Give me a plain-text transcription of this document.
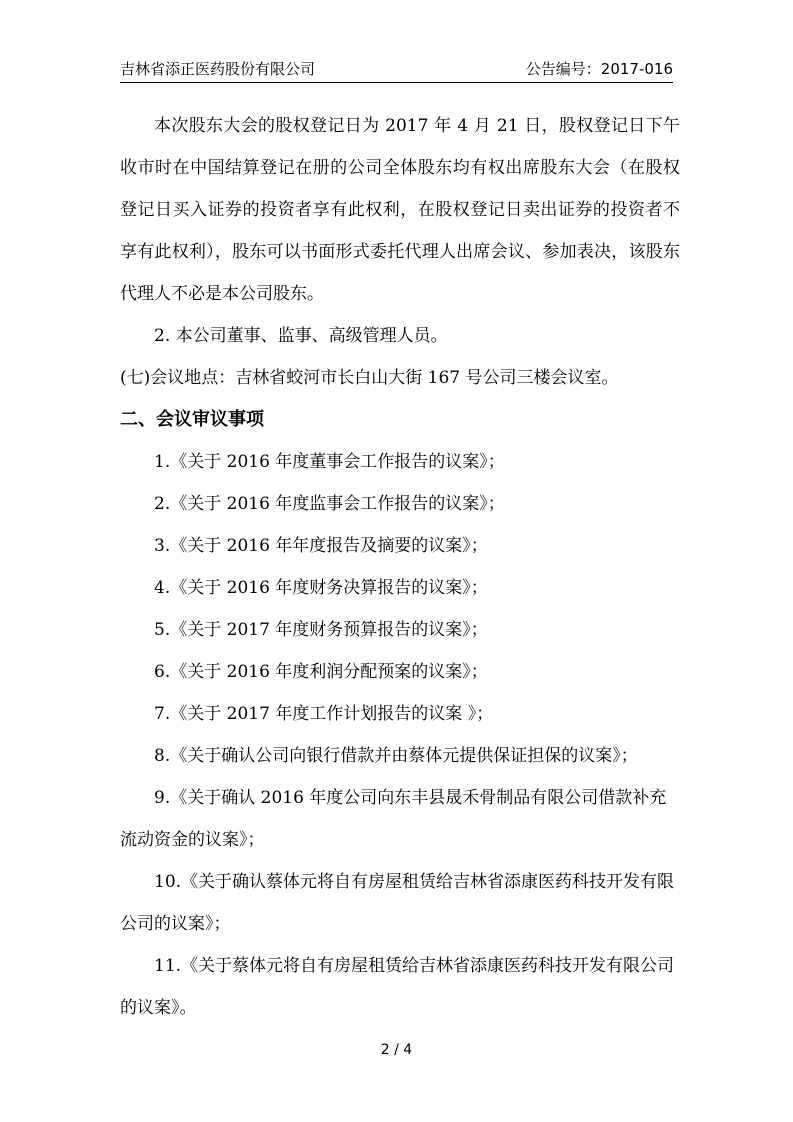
吉林省添正医药股份有限公司	公告编号：2017-016

本次股东大会的股权登记日为 2017 年 4 月 21 日，股权登记日下午收市时在中国结算登记在册的公司全体股东均有权出席股东大会（在股权登记日买入证券的投资者享有此权利，在股权登记日卖出证券的投资者不享有此权利），股东可以书面形式委托代理人出席会议、参加表决，该股东代理人不必是本公司股东。

2. 本公司董事、监事、高级管理人员。

(七)会议地点：吉林省蛟河市长白山大街 167 号公司三楼会议室。

二、会议审议事项

1.《关于 2016 年度董事会工作报告的议案》；

2.《关于 2016 年度监事会工作报告的议案》；

3.《关于 2016 年年度报告及摘要的议案》；

4.《关于 2016 年度财务决算报告的议案》；

5.《关于 2017 年度财务预算报告的议案》；

6.《关于 2016 年度利润分配预案的议案》；

7.《关于 2017 年度工作计划报告的议案 》；

8.《关于确认公司向银行借款并由蔡体元提供保证担保的议案》；

9.《关于确认 2016 年度公司向东丰县晟禾骨制品有限公司借款补充流动资金的议案》；

10.《关于确认蔡体元将自有房屋租赁给吉林省添康医药科技开发有限公司的议案》；

11.《关于蔡体元将自有房屋租赁给吉林省添康医药科技开发有限公司的议案》。

2 / 4
